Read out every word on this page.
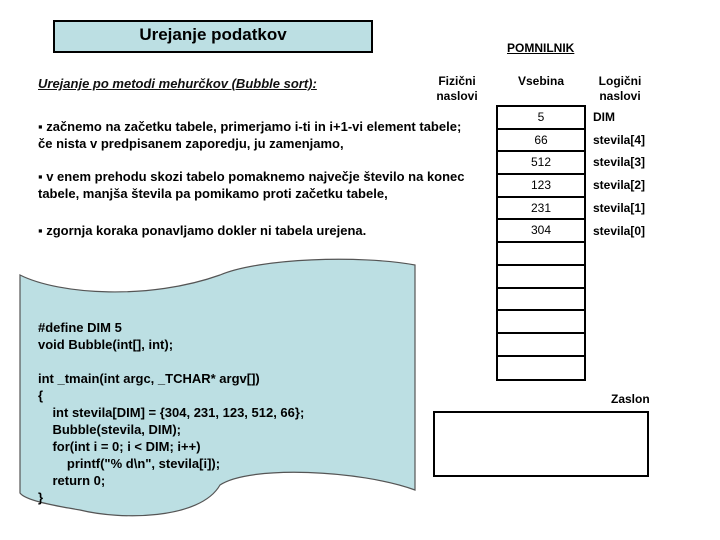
Urejanje podatkov
Urejanje po metodi mehurčkov (Bubble sort):
▪ začnemo na začetku tabele, primerjamo i-ti in i+1-vi element tabele; če nista v predpisanem zaporedju, ju zamenjamo,
▪ v enem prehodu skozi tabelo pomaknemo največje število na konec tabele, manjša števila pa pomikamo proti začetku tabele,
▪ zgornja koraka ponavljamo dokler ni tabela urejena.
POMNILNIK
Fizični naslovi
Vsebina	Logični naslovi
5
66
512
123
231
304
DIM
stevila[4]
stevila[3]
stevila[2]
stevila[1]
stevila[0]
#define DIM 5
void Bubble(int[], int);
int _tmain(int argc, _TCHAR* argv[])
{
int stevila[DIM] = {304, 231, 123, 512, 66};
Bubble(stevila, DIM);
for(int i = 0; i < DIM; i++)
printf("% d\n", stevila[i]);
return 0;
}
Zaslon
